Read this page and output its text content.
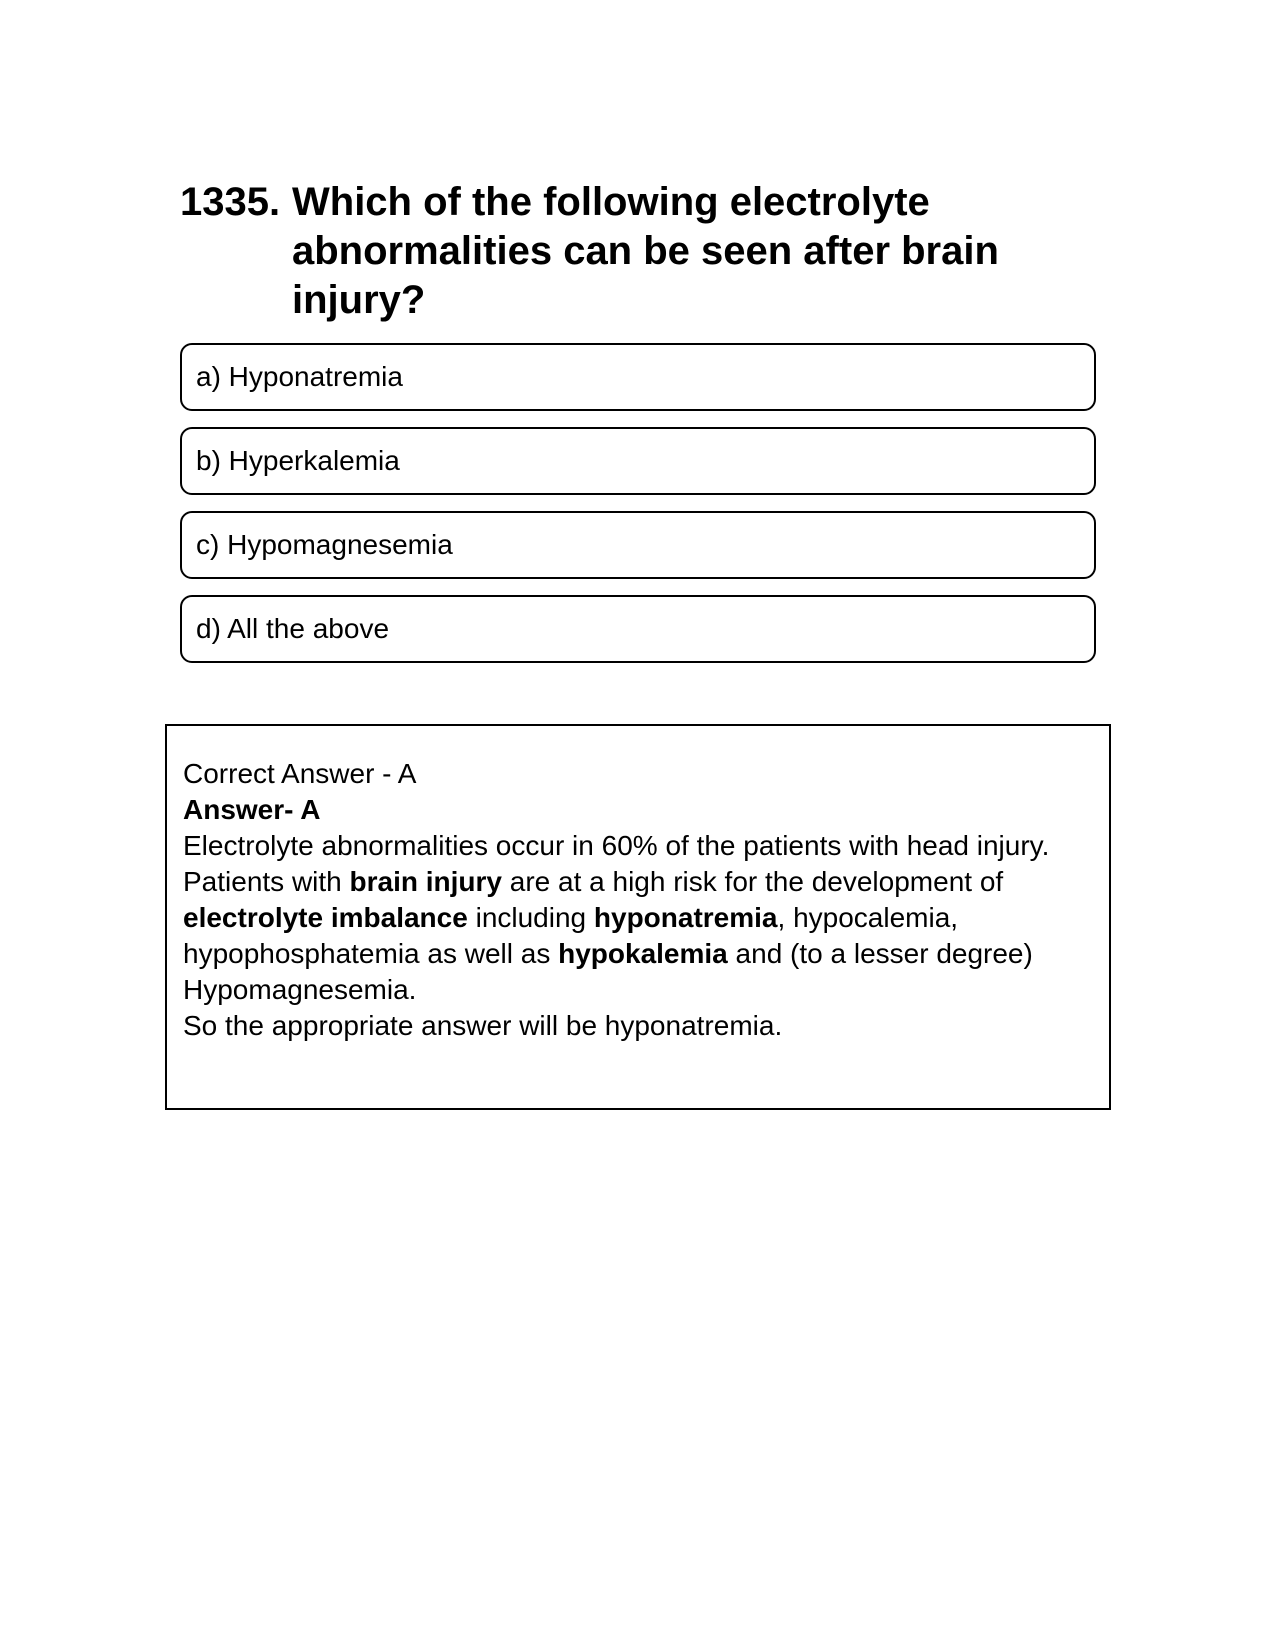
1335. Which of the following electrolyte abnormalities can be seen after brain injury?
a) Hyponatremia
b) Hyperkalemia
c) Hypomagnesemia
d) All the above

Correct Answer - A

Answer- A

Electrolyte abnormalities occur in 60% of the patients with head injury.

Patients with brain injury are at a high risk for the development of electrolyte imbalance including hyponatremia, hypocalemia, hypophosphatemia as well as hypokalemia and (to a lesser degree) Hypomagnesemia.

So the appropriate answer will be hyponatremia.
